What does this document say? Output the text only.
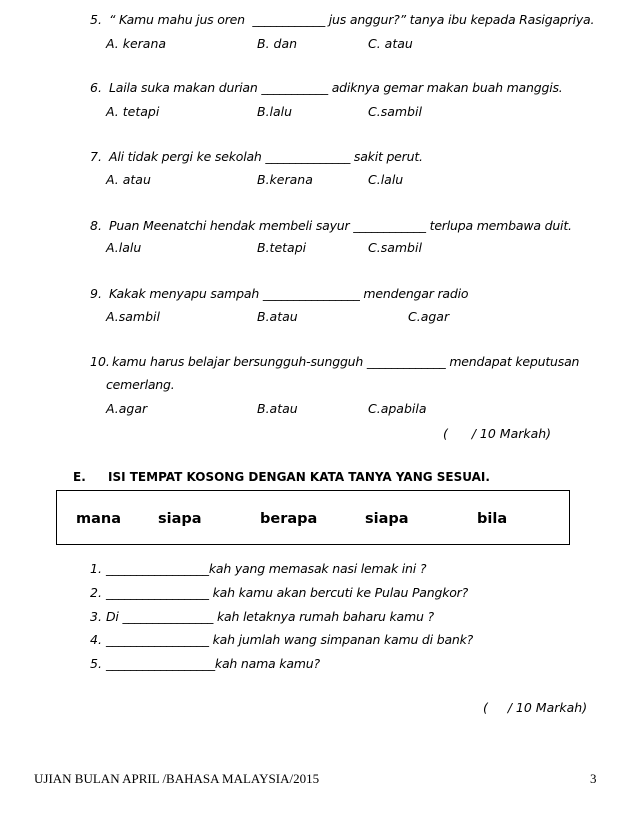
5. “ Kamu mahu jus oren  ____________ jus anggur?” tanya ibu kepada Rasigapriya.
A. kerana	B. dan	C. atau
6. Laila suka makan durian ___________ adiknya gemar makan buah manggis.
A. tetapi	B.lalu	C.sambil
7. Ali tidak pergi ke sekolah ______________ sakit perut.
A. atau	B.kerana	C.lalu
8. Puan Meenatchi hendak membeli sayur ____________ terlupa membawa duit.
A.lalu	B.tetapi	C.sambil
9. Kakak menyapu sampah ________________ mendengar radio
A.sambil	B.atau	C.agar
10. kamu harus belajar bersungguh-sungguh _____________ mendapat keputusan
cemerlang.
A.agar	B.atau	C.apabila
(      / 10 Markah)
E. ISI TEMPAT KOSONG DENGAN KATA TANYA YANG SESUAI.
mana	siapa	berapa	siapa	bila
1. _________________kah yang memasak nasi lemak ini ?
2. _________________ kah kamu akan bercuti ke Pulau Pangkor?
3. Di _______________ kah letaknya rumah baharu kamu ?
4. _________________ kah jumlah wang simpanan kamu di bank?
5. __________________kah nama kamu?
(     / 10 Markah)
UJIAN BULAN APRIL /BAHASA MALAYSIA/2015	3
